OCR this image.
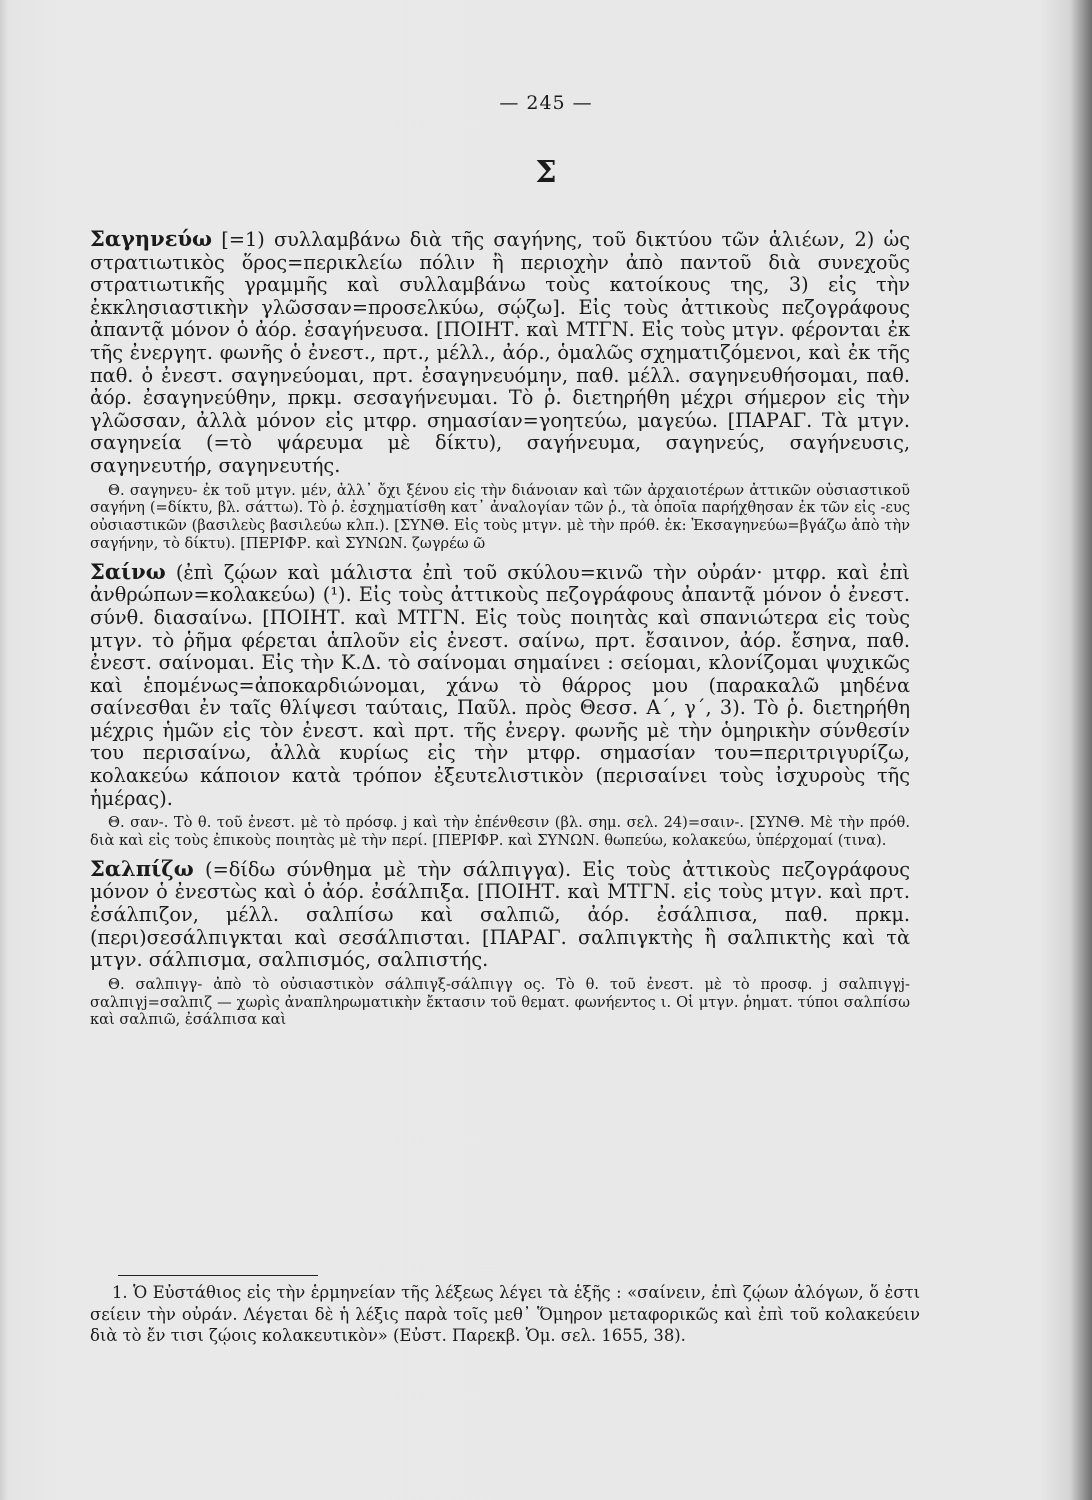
— 245 —
Σ

Σαγηνεύω [=1) συλλαμβάνω διὰ τῆς σαγήνης, τοῦ δικτύου τῶν ἁλιέων, 2) ὡς στρατιωτικὸς ὅρος=περικλείω πόλιν ἢ περιοχὴν ἀπὸ παντοῦ διὰ συνεχοῦς στρατιωτικῆς γραμμῆς καὶ συλλαμβάνω τοὺς κατοίκους της, 3) εἰς τὴν ἐκκλησιαστικὴν γλῶσσαν=προσελκύω, σῴζω]. Εἰς τοὺς ἀττικοὺς πεζογράφους ἀπαντᾷ μόνον ὁ ἀόρ. ἐσαγήνευσα. [ΠΟΙΗΤ. καὶ ΜΤΓΝ. Εἰς τοὺς μτγν. φέρονται ἐκ τῆς ἐνεργητ. φωνῆς ὁ ἐνεστ., πρτ., μέλλ., ἀόρ., ὁμαλῶς σχηματιζόμενοι, καὶ ἐκ τῆς παθ. ὁ ἐνεστ. σαγηνεύομαι, πρτ. ἐσαγηνευόμην, παθ. μέλλ. σαγηνευθήσομαι, παθ. ἀόρ. ἐσαγηνεύθην, πρκμ. σεσαγήνευμαι. Τὸ ῥ. διετηρήθη μέχρι σήμερον εἰς τὴν γλῶσσαν, ἀλλὰ μόνον εἰς μτφρ. σημασίαν=γοητεύω, μαγεύω. [ΠΑΡΑΓ. Τὰ μτγν. σαγηνεία (=τὸ ψάρευμα μὲ δίκτυ), σαγήνευμα, σαγηνεύς, σαγήνευσις, σαγηνευτήρ, σαγηνευτής.

Θ. σαγηνευ- ἐκ τοῦ μτγν. μέν, ἀλλ᾽ ὄχι ξένου εἰς τὴν διάνοιαν καὶ τῶν ἀρχαιοτέρων ἀττικῶν οὐσιαστικοῦ σαγήνη (=δίκτυ, βλ. σάττω). Τὸ ῥ. ἐσχηματίσθη κατ᾽ ἀναλογίαν τῶν ῥ., τὰ ὁποῖα παρήχθησαν ἐκ τῶν εἰς -ευς οὐσιαστικῶν (βασιλεὺς βασιλεύω κλπ.). [ΣΥΝΘ. Εἰς τοὺς μτγν. μὲ τὴν πρόθ. ἐκ: Ἐκσαγηνεύω=βγάζω ἀπὸ τὴν σαγήνην, τὸ δίκτυ). [ΠΕΡΙΦΡ. καὶ ΣΥΝΩΝ. ζωγρέω ῶ

Σαίνω (ἐπὶ ζῴων καὶ μάλιστα ἐπὶ τοῦ σκύλου=κινῶ τὴν οὐράν· μτφρ. καὶ ἐπὶ ἀνθρώπων=κολακεύω) (¹). Εἰς τοὺς ἀττικοὺς πεζογράφους ἀπαντᾷ μόνον ὁ ἐνεστ. σύνθ. διασαίνω. [ΠΟΙΗΤ. καὶ ΜΤΓΝ. Εἰς τοὺς ποιητὰς καὶ σπανιώτερα εἰς τοὺς μτγν. τὸ ῥῆμα φέρεται ἁπλοῦν εἰς ἐνεστ. σαίνω, πρτ. ἔσαινον, ἀόρ. ἔσηνα, παθ. ἐνεστ. σαίνομαι. Εἰς τὴν Κ.Δ. τὸ σαίνομαι σημαίνει : σείομαι, κλονίζομαι ψυχικῶς καὶ ἑπομένως=ἀποκαρδιώνομαι, χάνω τὸ θάρρος μου (παρακαλῶ μηδένα σαίνεσθαι ἐν ταῖς θλίψεσι ταύταις, Παῦλ. πρὸς Θεσσ. Α΄, γ΄, 3). Τὸ ῥ. διετηρήθη μέχρις ἡμῶν εἰς τὸν ἐνεστ. καὶ πρτ. τῆς ἐνεργ. φωνῆς μὲ τὴν ὁμηρικὴν σύνθεσίν του περισαίνω, ἀλλὰ κυρίως εἰς τὴν μτφρ. σημασίαν του=περιτριγυρίζω, κολακεύω κάποιον κατὰ τρόπον ἐξευτελιστικὸν (περισαίνει τοὺς ἰσχυροὺς τῆς ἡμέρας).

Θ. σαν-. Τὸ θ. τοῦ ἐνεστ. μὲ τὸ πρόσφ. j καὶ τὴν ἐπένθεσιν (βλ. σημ. σελ. 24)=σαιν-. [ΣΥΝΘ. Μὲ τὴν πρόθ. διὰ καὶ εἰς τοὺς ἐπικοὺς ποιητὰς μὲ τὴν περί. [ΠΕΡΙΦΡ. καὶ ΣΥΝΩΝ. θωπεύω, κολακεύω, ὑπέρχομαί (τινα).

Σαλπίζω (=δίδω σύνθημα μὲ τὴν σάλπιγγα). Εἰς τοὺς ἀττικοὺς πεζογράφους μόνον ὁ ἐνεστὼς καὶ ὁ ἀόρ. ἐσάλπιξα. [ΠΟΙΗΤ. καὶ ΜΤΓΝ. εἰς τοὺς μτγν. καὶ πρτ. ἐσάλπιζον, μέλλ. σαλπίσω καὶ σαλπιῶ, ἀόρ. ἐσάλπισα, παθ. πρκμ. (περι)σεσάλπιγκται καὶ σεσάλπισται. [ΠΑΡΑΓ. σαλπιγκτὴς ἢ σαλπικτὴς καὶ τὰ μτγν. σάλπισμα, σαλπισμός, σαλπιστής.

Θ. σαλπιγγ- ἀπὸ τὸ οὐσιαστικὸν σάλπιγξ-σάλπιγγ ος. Τὸ θ. τοῦ ἐνεστ. μὲ τὸ προσφ. j σαλπιγγj-σαλπιγj=σαλπιζ — χωρὶς ἀναπληρωματικὴν ἔκτασιν τοῦ θεματ. φωνήεντος ι. Οἱ μτγν. ῥηματ. τύποι σαλπίσω καὶ σαλπιῶ, ἐσάλπισα καὶ

1. Ὁ Εὐστάθιος εἰς τὴν ἑρμηνείαν τῆς λέξεως λέγει τὰ ἑξῆς : «σαίνειν, ἐπὶ ζῴων ἀλόγων, ὅ ἐστι σείειν τὴν οὐράν. Λέγεται δὲ ἡ λέξις παρὰ τοῖς μεθ᾽ Ὅμηρον μεταφορικῶς καὶ ἐπὶ τοῦ κολακεύειν διὰ τὸ ἔν τισι ζῴοις κολακευτικὸν» (Εὐστ. Παρεκβ. Ὁμ. σελ. 1655, 38).
